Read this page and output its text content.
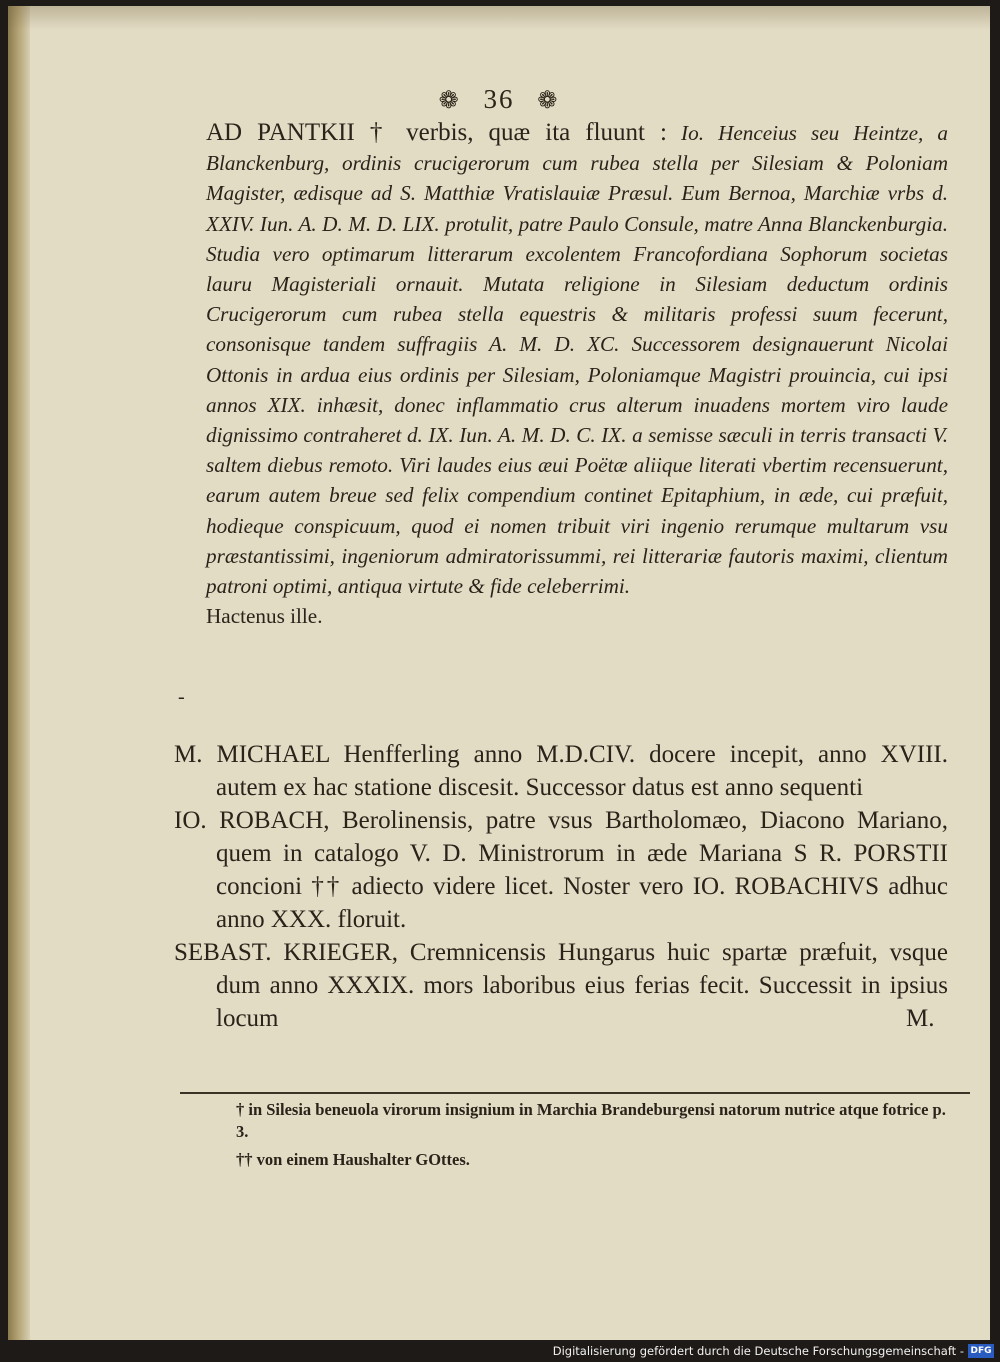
❁ 36 ❁

AD PANTKII † verbis, quæ ita fluunt : Io. Henceius seu Heintze, a Blanckenburg, ordinis crucigerorum cum rubea stella per Silesiam & Poloniam Magister, ædisque ad S. Matthiæ Vratislauiæ Præsul. Eum Bernoa, Marchiæ vrbs d. XXIV. Iun. A. D. M. D. LIX. protulit, patre Paulo Consule, matre Anna Blanckenburgia. Studia vero optimarum litterarum excolentem Francofordiana Sophorum societas lauru Magisteriali ornauit. Mutata religione in Silesiam deductum ordinis Crucigerorum cum rubea stella equestris & militaris professi suum fecerunt, consonisque tandem suffragiis A. M. D. XC. Successorem designauerunt Nicolai Ottonis in ardua eius ordinis per Silesiam, Poloniamque Magistri prouincia, cui ipsi annos XIX. inhæsit, donec inflammatio crus alterum inuadens mortem viro laude dignissimo contraheret d. IX. Iun. A. M. D. C. IX. a semisse sæculi in terris transacti V. saltem diebus remoto. Viri laudes eius æui Poëtæ aliique literati vbertim recensuerunt, earum autem breue sed felix compendium continet Epitaphium, in æde, cui præfuit, hodieque conspicuum, quod ei nomen tribuit viri ingenio rerumque multarum vsu præstantissimi, ingeniorum admiratorissummi, rei litterariæ fautoris maximi, clientum patroni optimi, antiqua virtute & fide celeberrimi.
Hactenus ille.

-

M. MICHAEL Henfferling anno M.D.CIV. docere incepit, anno XVIII. autem ex hac statione discesit. Successor datus est anno sequenti

IO. ROBACH, Berolinensis, patre vsus Bartholomæo, Diacono Mariano, quem in catalogo V. D. Ministrorum in æde Mariana S R. PORSTII concioni †† adiecto videre licet. Noster vero IO. ROBACHIVS adhuc anno XXX. floruit.

SEBAST. KRIEGER, Cremnicensis Hungarus huic spartæ præfuit, vsque dum anno XXXIX. mors laboribus eius ferias fecit. Successit in ipsius locum	M.

† in Silesia beneuola virorum insignium in Marchia Brandeburgensi natorum nutrice atque fotrice p. 3.

†† von einem Haushalter GOttes.

Digitalisierung gefördert durch die Deutsche Forschungsgemeinschaft - DFG
